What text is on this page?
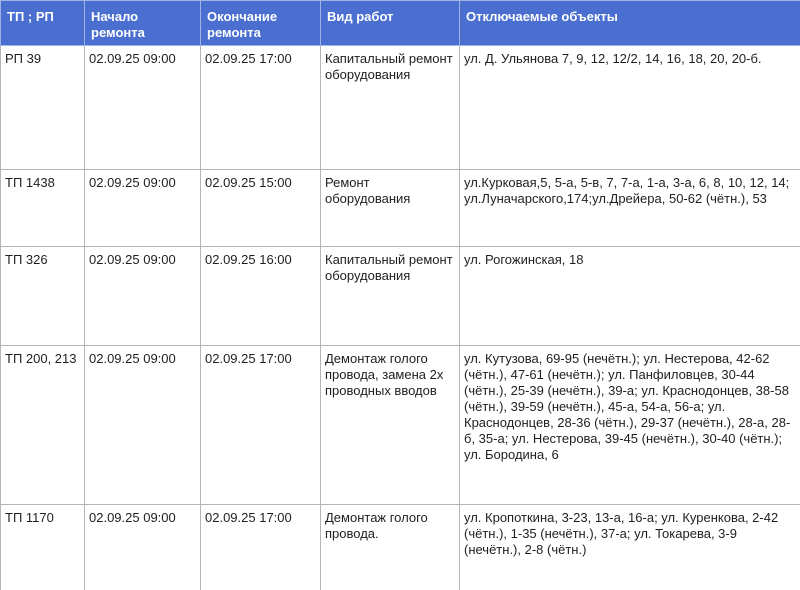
ТП ; РП	Начало ремонта	Окончание ремонта	Вид работ	Отключаемые объекты
РП 39	02.09.25 09:00	02.09.25 17:00	Капитальный ремонт оборудования	ул. Д. Ульянова 7, 9, 12, 12/2, 14, 16, 18, 20, 20-б.
ТП 1438	02.09.25 09:00	02.09.25 15:00	Ремонт оборудования	ул.Курковая,5, 5-а, 5-в, 7, 7-а, 1-а, 3-а, 6, 8, 10, 12, 14; ул.Луначарского,174;ул.Дрейера, 50-62 (чётн.), 53
ТП 326	02.09.25 09:00	02.09.25 16:00	Капитальный ремонт оборудования	ул. Рогожинская, 18
ТП 200, 213	02.09.25 09:00	02.09.25 17:00	Демонтаж голого провода, замена 2х проводных вводов	ул. Кутузова, 69-95 (нечётн.); ул. Нестерова, 42-62 (чётн.), 47-61 (нечётн.); ул. Панфиловцев, 30-44 (чётн.), 25-39 (нечётн.), 39-а; ул. Краснодонцев, 38-58 (чётн.), 39-59 (нечётн.), 45-а, 54-а, 56-а; ул. Краснодонцев, 28-36 (чётн.), 29-37 (нечётн.), 28-а, 28-б, 35-а; ул. Нестерова, 39-45 (нечётн.), 30-40 (чётн.); ул. Бородина, 6
ТП 1170	02.09.25 09:00	02.09.25 17:00	Демонтаж голого провода.	ул. Кропоткина, 3-23, 13-а, 16-а; ул. Куренкова, 2-42 (чётн.), 1-35 (нечётн.), 37-а; ул. Токарева, 3-9 (нечётн.), 2-8 (чётн.)
